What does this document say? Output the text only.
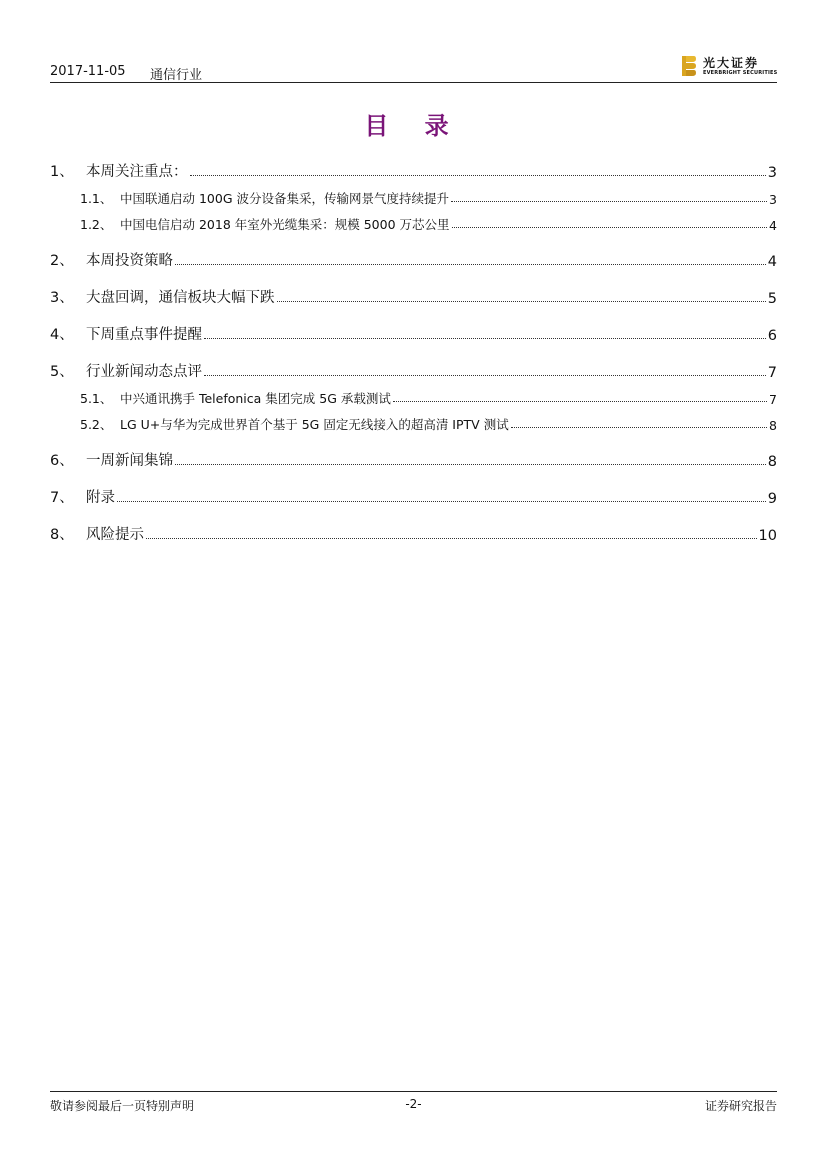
2017-11-05 通信行业
光大证券
EVERBRIGHT SECURITIES
目 录
1、 本周关注重点：	3
1.1、 中国联通启动 100G 波分设备集采，传输网景气度持续提升	3
1.2、 中国电信启动 2018 年室外光缆集采：规模 5000 万芯公里	4
2、 本周投资策略	4
3、 大盘回调，通信板块大幅下跌	5
4、 下周重点事件提醒	6
5、 行业新闻动态点评	7
5.1、 中兴通讯携手 Telefonica 集团完成 5G 承载测试	7
5.2、 LG U+与华为完成世界首个基于 5G 固定无线接入的超高清 IPTV 测试	8
6、 一周新闻集锦	8
7、 附录	9
8、 风险提示	10
敬请参阅最后一页特别声明	-2-	证券研究报告
